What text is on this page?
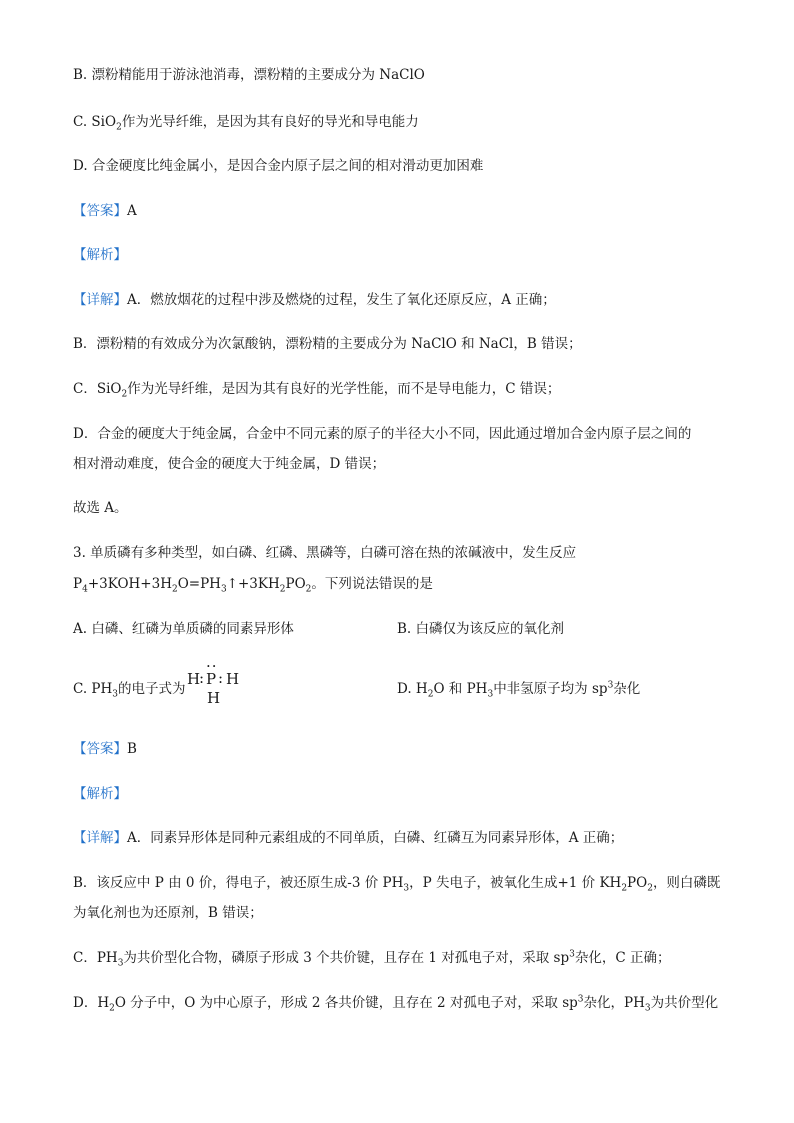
B. 漂粉精能用于游泳池消毒，漂粉精的主要成分为 NaClO
C. SiO$_2$作为光导纤维，是因为其有良好的导光和导电能力
D. 合金硬度比纯金属小，是因合金内原子层之间的相对滑动更加困难
【答案】A
【解析】
【详解】A．燃放烟花的过程中涉及燃烧的过程，发生了氧化还原反应，A 正确；
B．漂粉精的有效成分为次氯酸钠，漂粉精的主要成分为 NaClO 和 NaCl，B 错误；
C．SiO$_2$作为光导纤维，是因为其有良好的光学性能，而不是导电能力，C 错误；
D．合金的硬度大于纯金属，合金中不同元素的原子的半径大小不同，因此通过增加合金内原子层之间的
相对滑动难度，使合金的硬度大于纯金属，D 错误；
故选 A。
3. 单质磷有多种类型，如白磷、红磷、黑磷等，白磷可溶在热的浓碱液中，发生反应
$P_4+3KOH+3H_2O=PH_3↑+3KH_2PO_2$。下列说法错误的是
A. 白磷、红磷为单质磷的同素异形体	B. 白磷仅为该反应的氧化剂
C. $PH_3$的电子式为
H
: P
··
: H
H	D. $H_2O$ 和 $PH_3$中非氢原子均为 $sp^3$杂化
【答案】B
【解析】
【详解】A．同素异形体是同种元素组成的不同单质，白磷、红磷互为同素异形体，A 正确；
B．该反应中 P 由 0 价，得电子，被还原生成-3 价 $PH_3$，P 失电子，被氧化生成+1 价 $KH_2PO_2$，则白磷既
为氧化剂也为还原剂，B 错误；
C．$PH_3$为共价型化合物，磷原子形成 3 个共价键，且存在 1 对孤电子对，采取 $sp^3$杂化，C 正确；
D．$H_2O$ 分子中，O 为中心原子，形成 2 各共价键，且存在 2 对孤电子对，采取 $sp^3$杂化，$PH_3$为共价型化
